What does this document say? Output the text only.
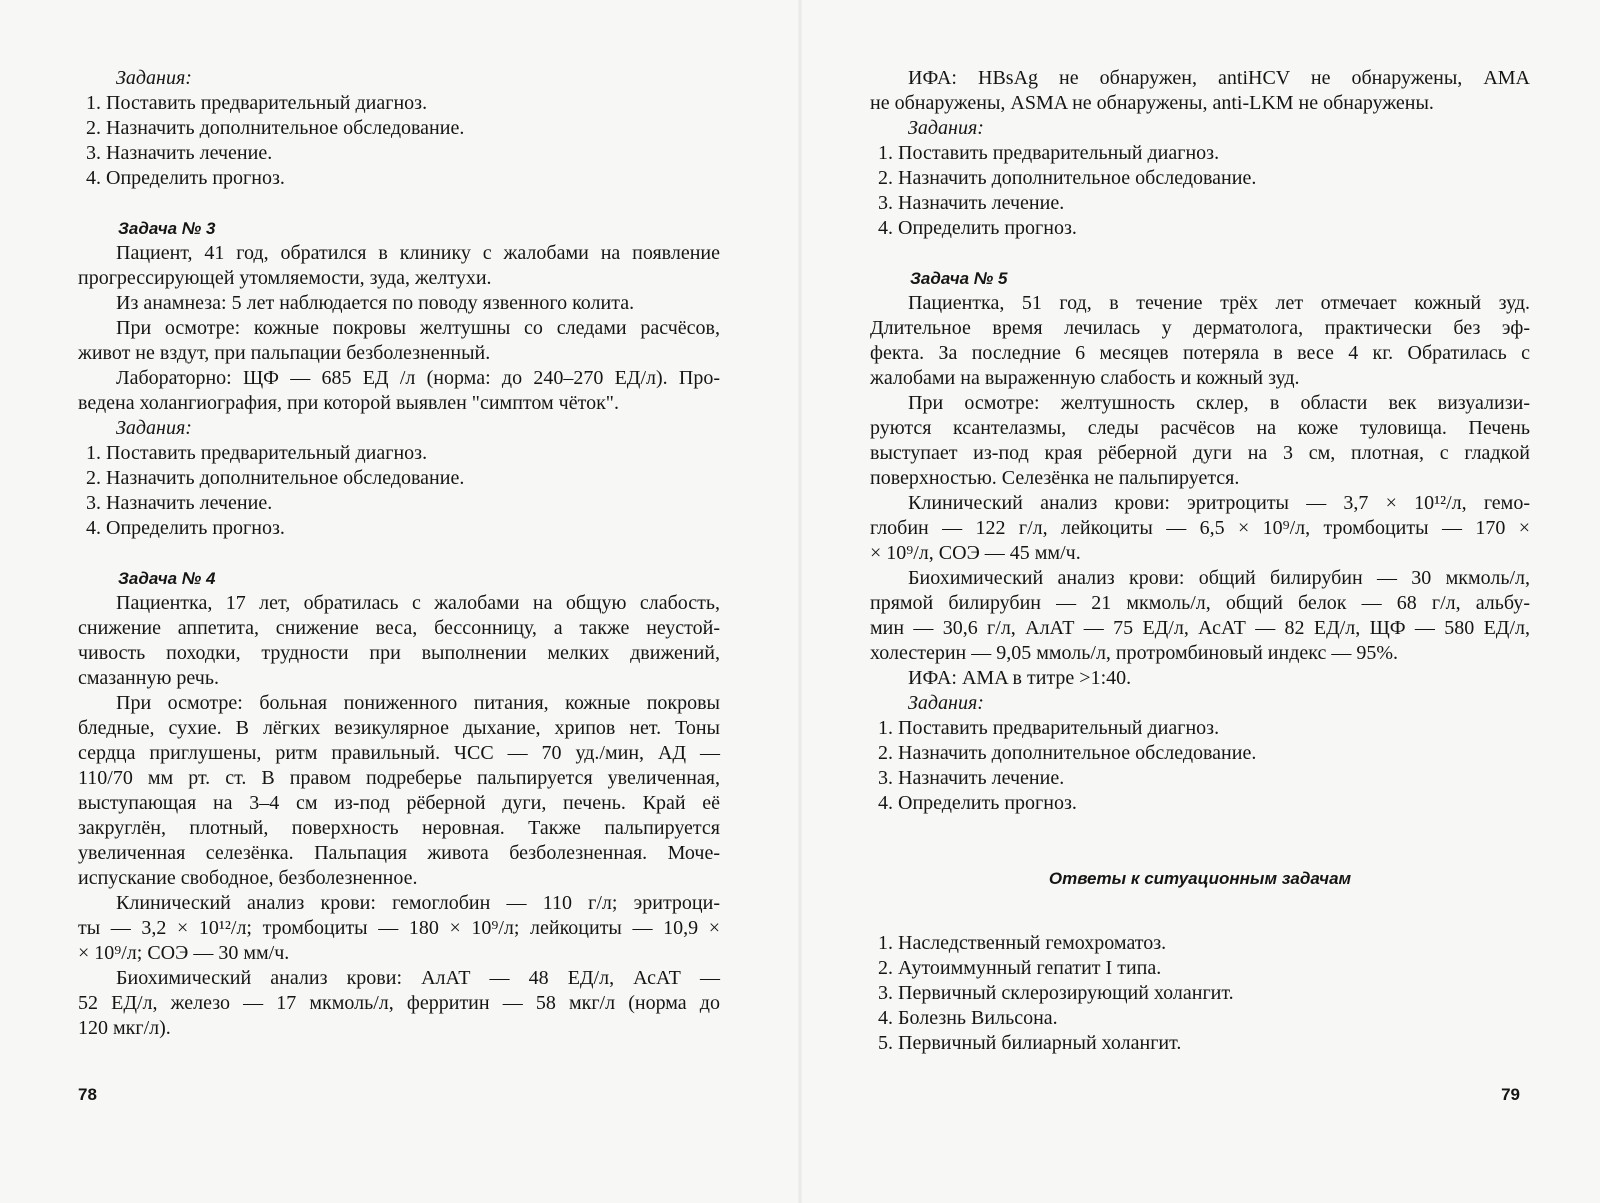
Задания:
1. Поставить предварительный диагноз.
2. Назначить дополнительное обследование.
3. Назначить лечение.
4. Определить прогноз.
Задача № 3
Пациент, 41 год, обратился в клинику с жалобами на появление
прогрессирующей утомляемости, зуда, желтухи.
Из анамнеза: 5 лет наблюдается по поводу язвенного колита.
При осмотре: кожные покровы желтушны со следами расчёсов,
живот не вздут, при пальпации безболезненный.
Лабораторно: ЩФ — 685 ЕД /л (норма: до 240–270 ЕД/л). Про-
ведена холангиография, при которой выявлен "симптом чёток".
Задания:
1. Поставить предварительный диагноз.
2. Назначить дополнительное обследование.
3. Назначить лечение.
4. Определить прогноз.
Задача № 4
Пациентка, 17 лет, обратилась с жалобами на общую слабость,
снижение аппетита, снижение веса, бессонницу, а также неустой-
чивость походки, трудности при выполнении мелких движений,
смазанную речь.
При осмотре: больная пониженного питания, кожные покровы
бледные, сухие. В лёгких везикулярное дыхание, хрипов нет. Тоны
сердца приглушены, ритм правильный. ЧСС — 70 уд./мин, АД —
110/70 мм рт. ст. В правом подреберье пальпируется увеличенная,
выступающая на 3–4 см из-под рёберной дуги, печень. Край её
закруглён, плотный, поверхность неровная. Также пальпируется
увеличенная селезёнка. Пальпация живота безболезненная. Моче-
испускание свободное, безболезненное.
Клинический анализ крови: гемоглобин — 110 г/л; эритроци-
ты — 3,2 × 10¹²/л; тромбоциты — 180 × 10⁹/л; лейкоциты — 10,9 ×
× 10⁹/л; СОЭ — 30 мм/ч.
Биохимический анализ крови: АлАТ — 48 ЕД/л, АсАТ —
52 ЕД/л, железо — 17 мкмоль/л, ферритин — 58 мкг/л (норма до
120 мкг/л).
78
ИФА: HBsAg не обнаружен, antiHCV не обнаружены, AMA
не обнаружены, ASMA не обнаружены, anti-LKM не обнаружены.
Задания:
1. Поставить предварительный диагноз.
2. Назначить дополнительное обследование.
3. Назначить лечение.
4. Определить прогноз.
Задача № 5
Пациентка, 51 год, в течение трёх лет отмечает кожный зуд.
Длительное время лечилась у дерматолога, практически без эф-
фекта. За последние 6 месяцев потеряла в весе 4 кг. Обратилась с
жалобами на выраженную слабость и кожный зуд.
При осмотре: желтушность склер, в области век визуализи-
руются ксантелазмы, следы расчёсов на коже туловища. Печень
выступает из-под края рёберной дуги на 3 см, плотная, с гладкой
поверхностью. Селезёнка не пальпируется.
Клинический анализ крови: эритроциты — 3,7 × 10¹²/л, гемо-
глобин — 122 г/л, лейкоциты — 6,5 × 10⁹/л, тромбоциты — 170 ×
× 10⁹/л, СОЭ — 45 мм/ч.
Биохимический анализ крови: общий билирубин — 30 мкмоль/л,
прямой билирубин — 21 мкмоль/л, общий белок — 68 г/л, альбу-
мин — 30,6 г/л, АлАТ — 75 ЕД/л, АсАТ — 82 ЕД/л, ЩФ — 580 ЕД/л,
холестерин — 9,05 ммоль/л, протромбиновый индекс — 95%.
ИФА: AMA в титре >1:40.
Задания:
1. Поставить предварительный диагноз.
2. Назначить дополнительное обследование.
3. Назначить лечение.
4. Определить прогноз.
Ответы к ситуационным задачам
1. Наследственный гемохроматоз.
2. Аутоиммунный гепатит I типа.
3. Первичный склерозирующий холангит.
4. Болезнь Вильсона.
5. Первичный билиарный холангит.
79
